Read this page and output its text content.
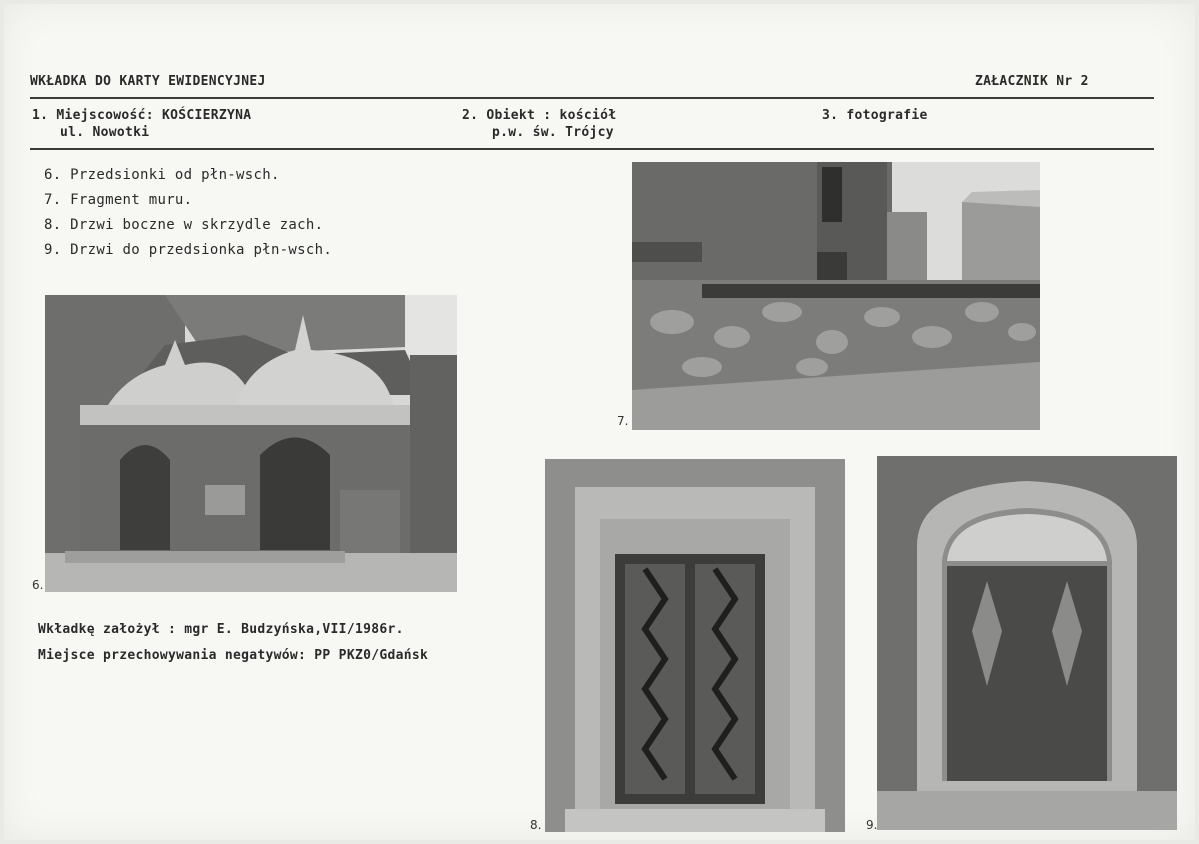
WKŁADKA DO KARTY EWIDENCYJNEJ	ZAŁACZNIK Nr 2
1. Miejscowość: KOŚCIERZYNA
ul. Nowotki
2. Obiekt : kościół
p.w. św. Trójcy
3. fotografie
6. Przedsionki od płn-wsch.
7. Fragment muru.
8. Drzwi boczne w skrzydle zach.
9. Drzwi do przedsionka płn-wsch.
6.
7.
8.	9.
Wkładkę założył : mgr E. Budzyńska,VII/1986r.
Miejsce przechowywania negatywów: PP PKZ0/Gdańsk
